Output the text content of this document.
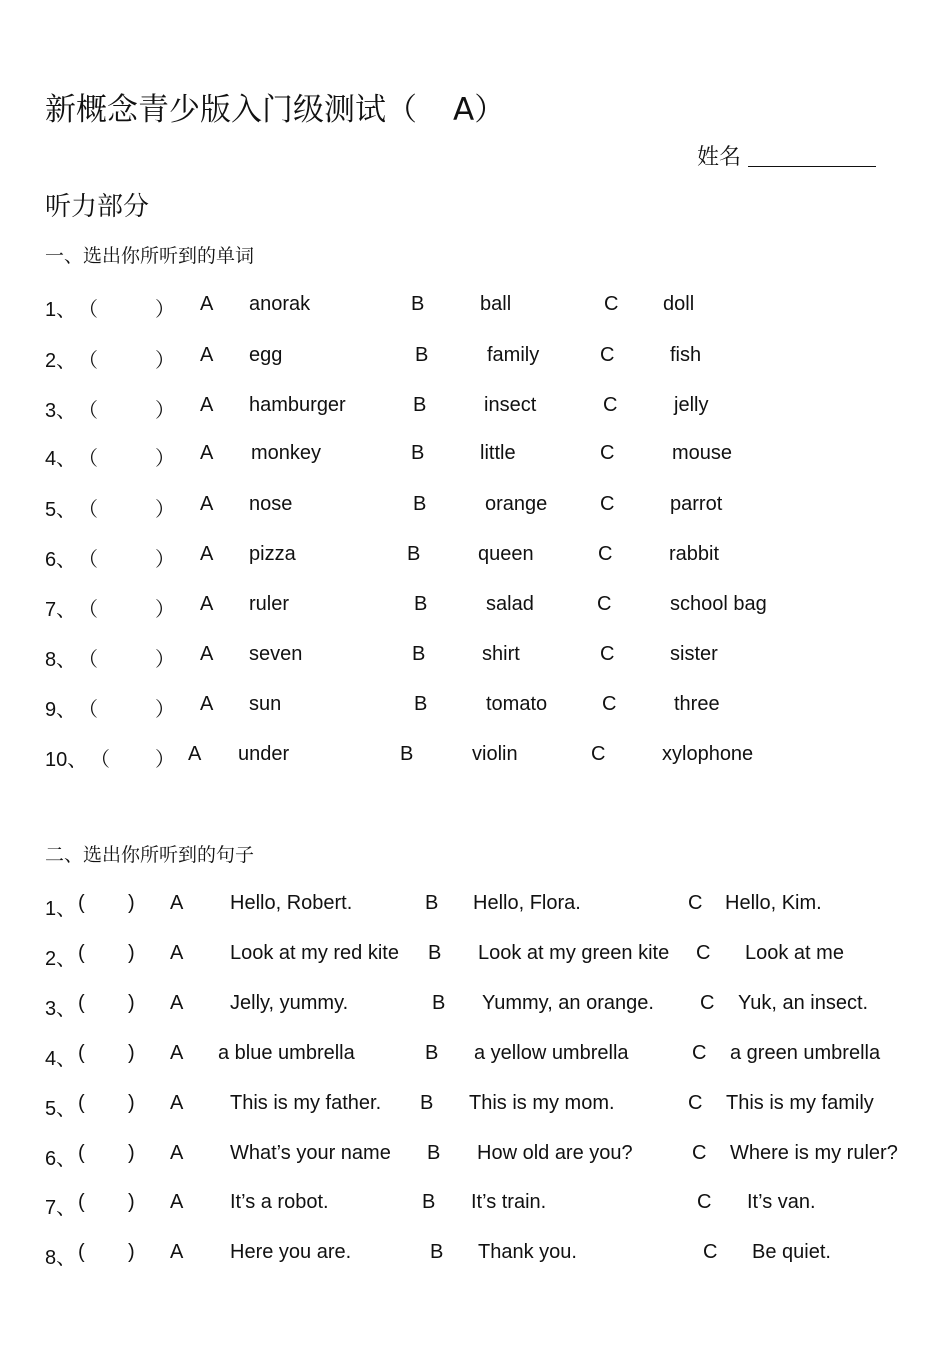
新概念青少版入门级测试（ A）
姓名
听力部分
一、选出你所听到的单词
1、 （	） A anorak	B	ball	C doll
2、 （	） A egg	B	family	C	fish
3、 （	） A hamburger	B	insect	C	jelly
4、 （	） A monkey	B	little	C	mouse
5、 （	） A nose	B	orange	C	parrot
6、 （	） A pizza	B	queen	C	rabbit
7、 （	） A ruler	B	salad	C	school bag
8、 （	） A seven	B	shirt	C	sister
9、 （	） A sun	B	tomato	C	three
10、 （ ） A under	B	violin	C	xylophone
二、选出你所听到的句子
1、 ( ) A Hello, Robert.	B Hello, Flora.	C Hello, Kim.
2、 ( ) A Look at my red kite B Look at my green kite C Look at me
3、 ( ) A Jelly, yummy.	B Yummy, an orange. C Yuk, an insect.
4、 ( ) A a blue umbrella	B a yellow umbrella	C a green umbrella
5、 ( ) A This is my father. B This is my mom.	C This is my family
6、 ( ) A What’s your name B How old are you?	C Where is my ruler?
7、 ( ) A It’s a robot.	B It’s train.	C It’s van.
8、 ( ) A Here you are.	B Thank you.	C Be quiet.
